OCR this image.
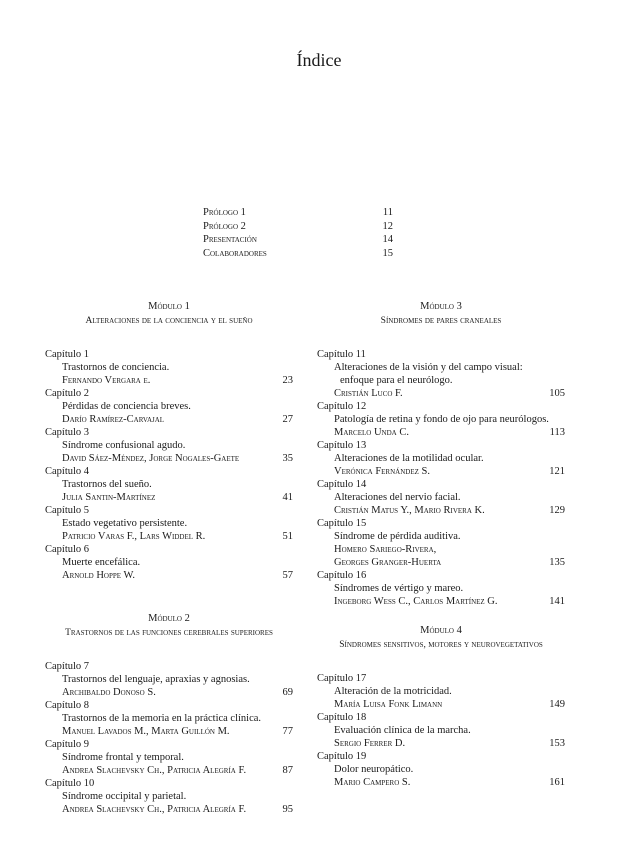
Índice
Prólogo 1	11
Prólogo 2	12
Presentación	14
Colaboradores	15
Módulo 1
Alteraciones de la conciencia y el sueño
Capítulo 1
Trastornos de conciencia.
Fernando Vergara e.	23
Capítulo 2
Pérdidas de conciencia breves.
Darío Ramírez-Carvajal	27
Capítulo 3
Síndrome confusional agudo.
David Sáez-Méndez, Jorge Nogales-Gaete	35
Capítulo 4
Trastornos del sueño.
Julia Santin-Martínez	41
Capítulo 5
Estado vegetativo persistente.
Patricio Varas F., Lars Widdel R.	51
Capítulo 6
Muerte encefálica.
Arnold Hoppe W.	57
Módulo 2
Trastornos de las funciones cerebrales superiores
Capítulo 7
Trastornos del lenguaje, apraxias y agnosias.
Archibaldo Donoso S.	69
Capítulo 8
Trastornos de la memoria en la práctica clínica.
Manuel Lavados M., Marta Guillón M.	77
Capítulo 9
Síndrome frontal y temporal.
Andrea Slachevsky Ch., Patricia Alegría F.	87
Capítulo 10
Síndrome occipital y parietal.
Andrea Slachevsky Ch., Patricia Alegría F.	95
Módulo 3
Síndromes de pares craneales
Capítulo 11
Alteraciones de la visión y del campo visual:
enfoque para el neurólogo.
Cristián Luco F.	105
Capítulo 12
Patología de retina y fondo de ojo para neurólogos.
Marcelo Unda C.	113
Capítulo 13
Alteraciones de la motilidad ocular.
Verónica Fernández S.	121
Capítulo 14
Alteraciones del nervio facial.
Cristián Matus Y., Mario Rivera K.	129
Capítulo 15
Síndrome de pérdida auditiva.
Homero Sariego-Rivera,
Georges Granger-Huerta	135
Capítulo 16
Síndromes de vértigo y mareo.
Ingeborg Wess C., Carlos Martínez G.	141
Módulo 4
Síndromes sensitivos, motores y neurovegetativos
Capítulo 17
Alteración de la motricidad.
María Luisa Fonk Limann	149
Capítulo 18
Evaluación clínica de la marcha.
Sergio Ferrer D.	153
Capítulo 19
Dolor neuropático.
Mario Campero S.	161
